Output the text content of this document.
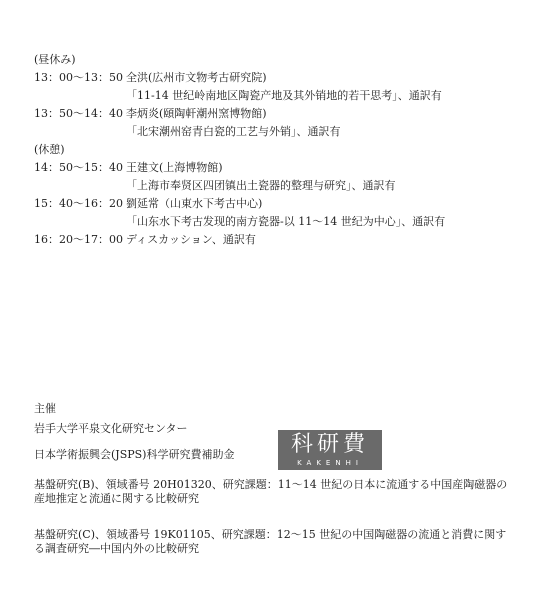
(昼休み)
13：00～13：50 全洪(広州市文物考古研究院)
「11-14 世纪岭南地区陶瓷产地及其外销地的若干思考」、通訳有
13：50～14：40 李炳炎(頤陶軒潮州窯博物館)
「北宋潮州窑青白瓷的工艺与外销」、通訳有
(休憩)
14：50～15：40 王建文(上海博物館)
「上海市奉贤区四团镇出土瓷器的整理与研究」、通訳有
15：40～16：20 劉延常（山東水下考古中心)
「山东水下考古发现的南方瓷器-以 11～14 世纪为中心」、通訳有
16：20～17：00 ディスカッション、通訳有
主催
岩手大学平泉文化研究センター
日本学術振興会(JSPS)科学研究費補助金	科研費
KAKENHI
基盤研究(B)、領域番号 20H01320、研究課題：11～14 世紀の日本に流通する中国産陶磁器の産地推定と流通に関する比較研究
基盤研究(C)、領域番号 19K01105、研究課題：12～15 世紀の中国陶磁器の流通と消費に関する調査研究―中国内外の比較研究
